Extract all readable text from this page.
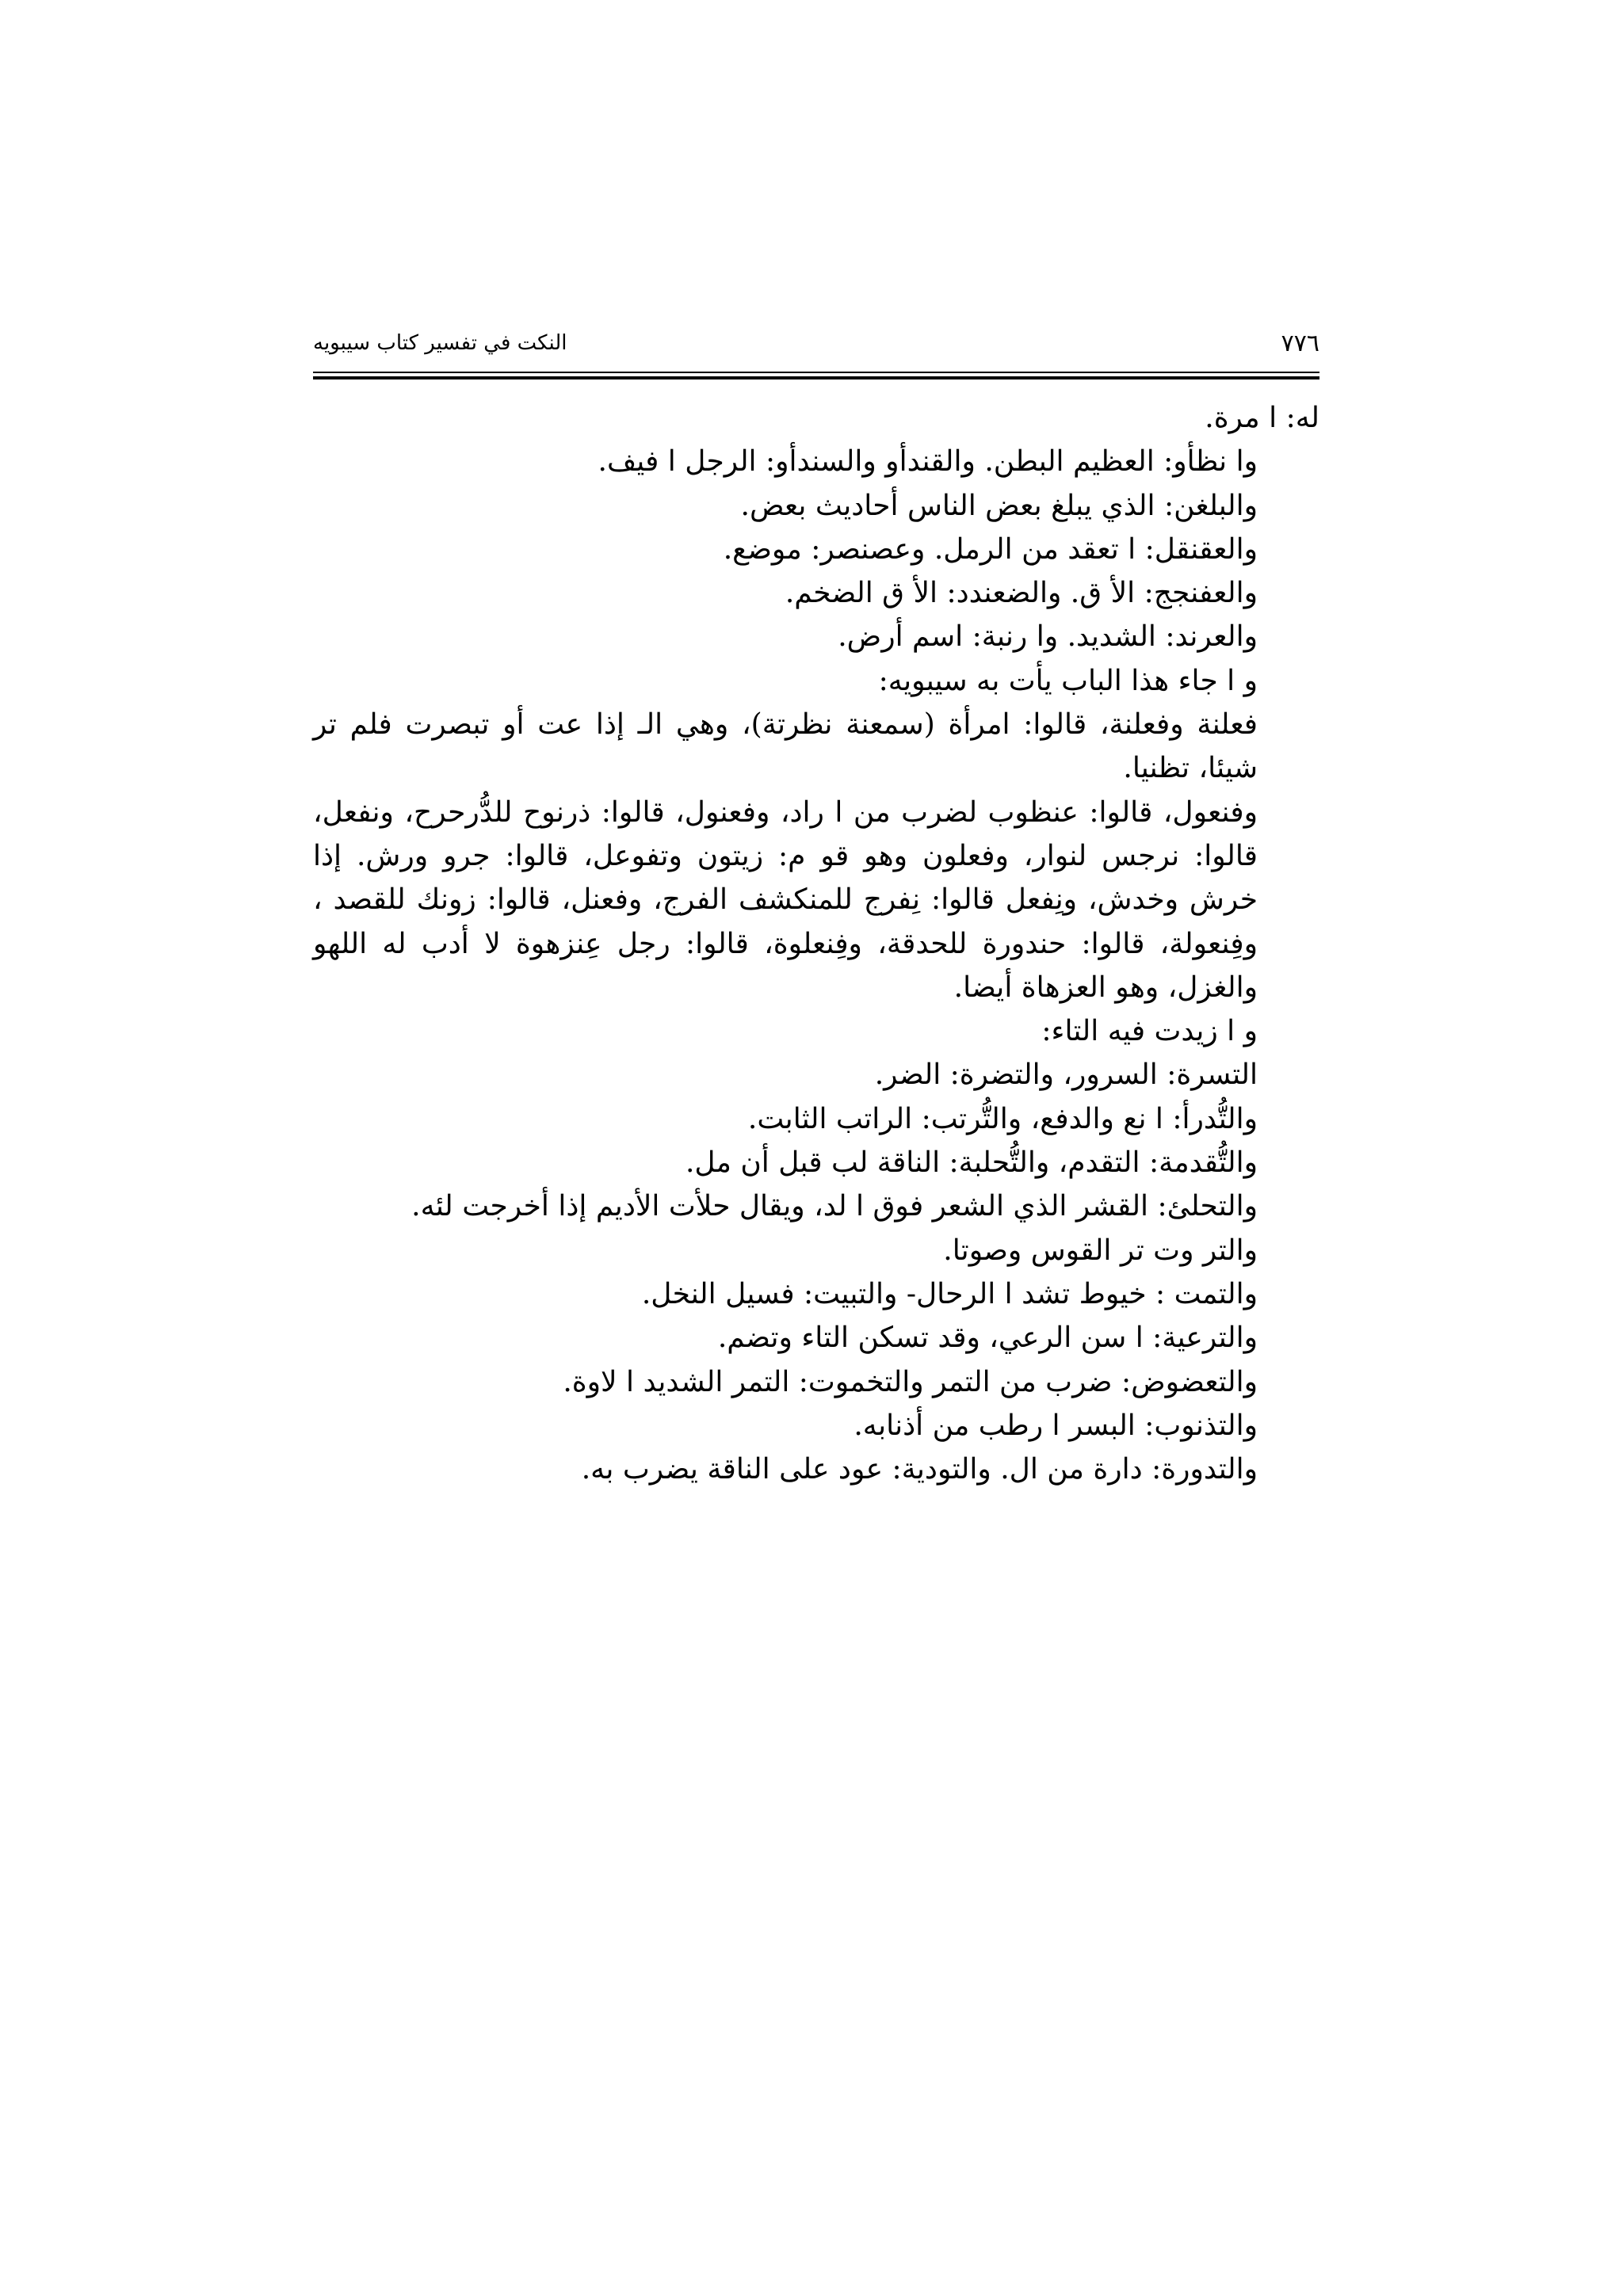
٧٧٦
النكت في تفسير كتاب سيبويه

له: ا مرة.

وا نظأو: العظيم البطن. والقندأو والسندأو: الرجل ا فيف.

والبلغن: الذي يبلغ بعض الناس أحاديث بعض.

والعقنقل: ا تعقد من الرمل. وعصنصر: موضع.

والعفنجج: الأ ق. والضعندد: الأ ق الضخم.

والعرند: الشديد. وا رنبة: اسم أرض.

و ا جاء هذا الباب يأت به سيبويه:

فعلنة وفعلنة، قالوا: امرأة (سمعنة نظرتة)، وهي الـ إذا عت أو تبصرت فلم تر شيئا، تظنيا.

وفنعول، قالوا: عنظوب لضرب من ا راد، وفعنول، قالوا: ذرنوح للدُّرحرح، ونفعل، قالوا: نرجس لنوار، وفعلون وهو قو م: زيتون وتفوعل، قالوا: جرو ورش. إذا خرش وخدش، ونِفعل قالوا: نِفرج للمنكشف الفرج، وفعنل، قالوا: زونك للقصد ، وفِنعولة، قالوا: حندورة للحدقة، وفِنعلوة، قالوا: رجل عِنزهوة لا أدب له اللهو والغزل، وهو العزهاة أيضا.

و ا زيدت فيه التاء:

التسرة: السرور، والتضرة: الضر.

والتُّدرأ: ا نع والدفع، والتُّرتب: الراتب الثابت.

والتُّقدمة: التقدم، والتُّحلبة: الناقة لب قبل أن مل.

والتحلئ: القشر الذي الشعر فوق ا لد، ويقال حلأت الأديم إذا أخرجت لئه.

والتر وت تر القوس وصوتا.

والتمت : خيوط تشد ا الرحال- والتبيت: فسيل النخل.

والترعية: ا سن الرعي، وقد تسكن التاء وتضم.

والتعضوض: ضرب من التمر والتخموت: التمر الشديد ا لاوة.

والتذنوب: البسر ا رطب من أذنابه.

والتدورة: دارة من ال. والتودية: عود على الناقة يضرب به.
